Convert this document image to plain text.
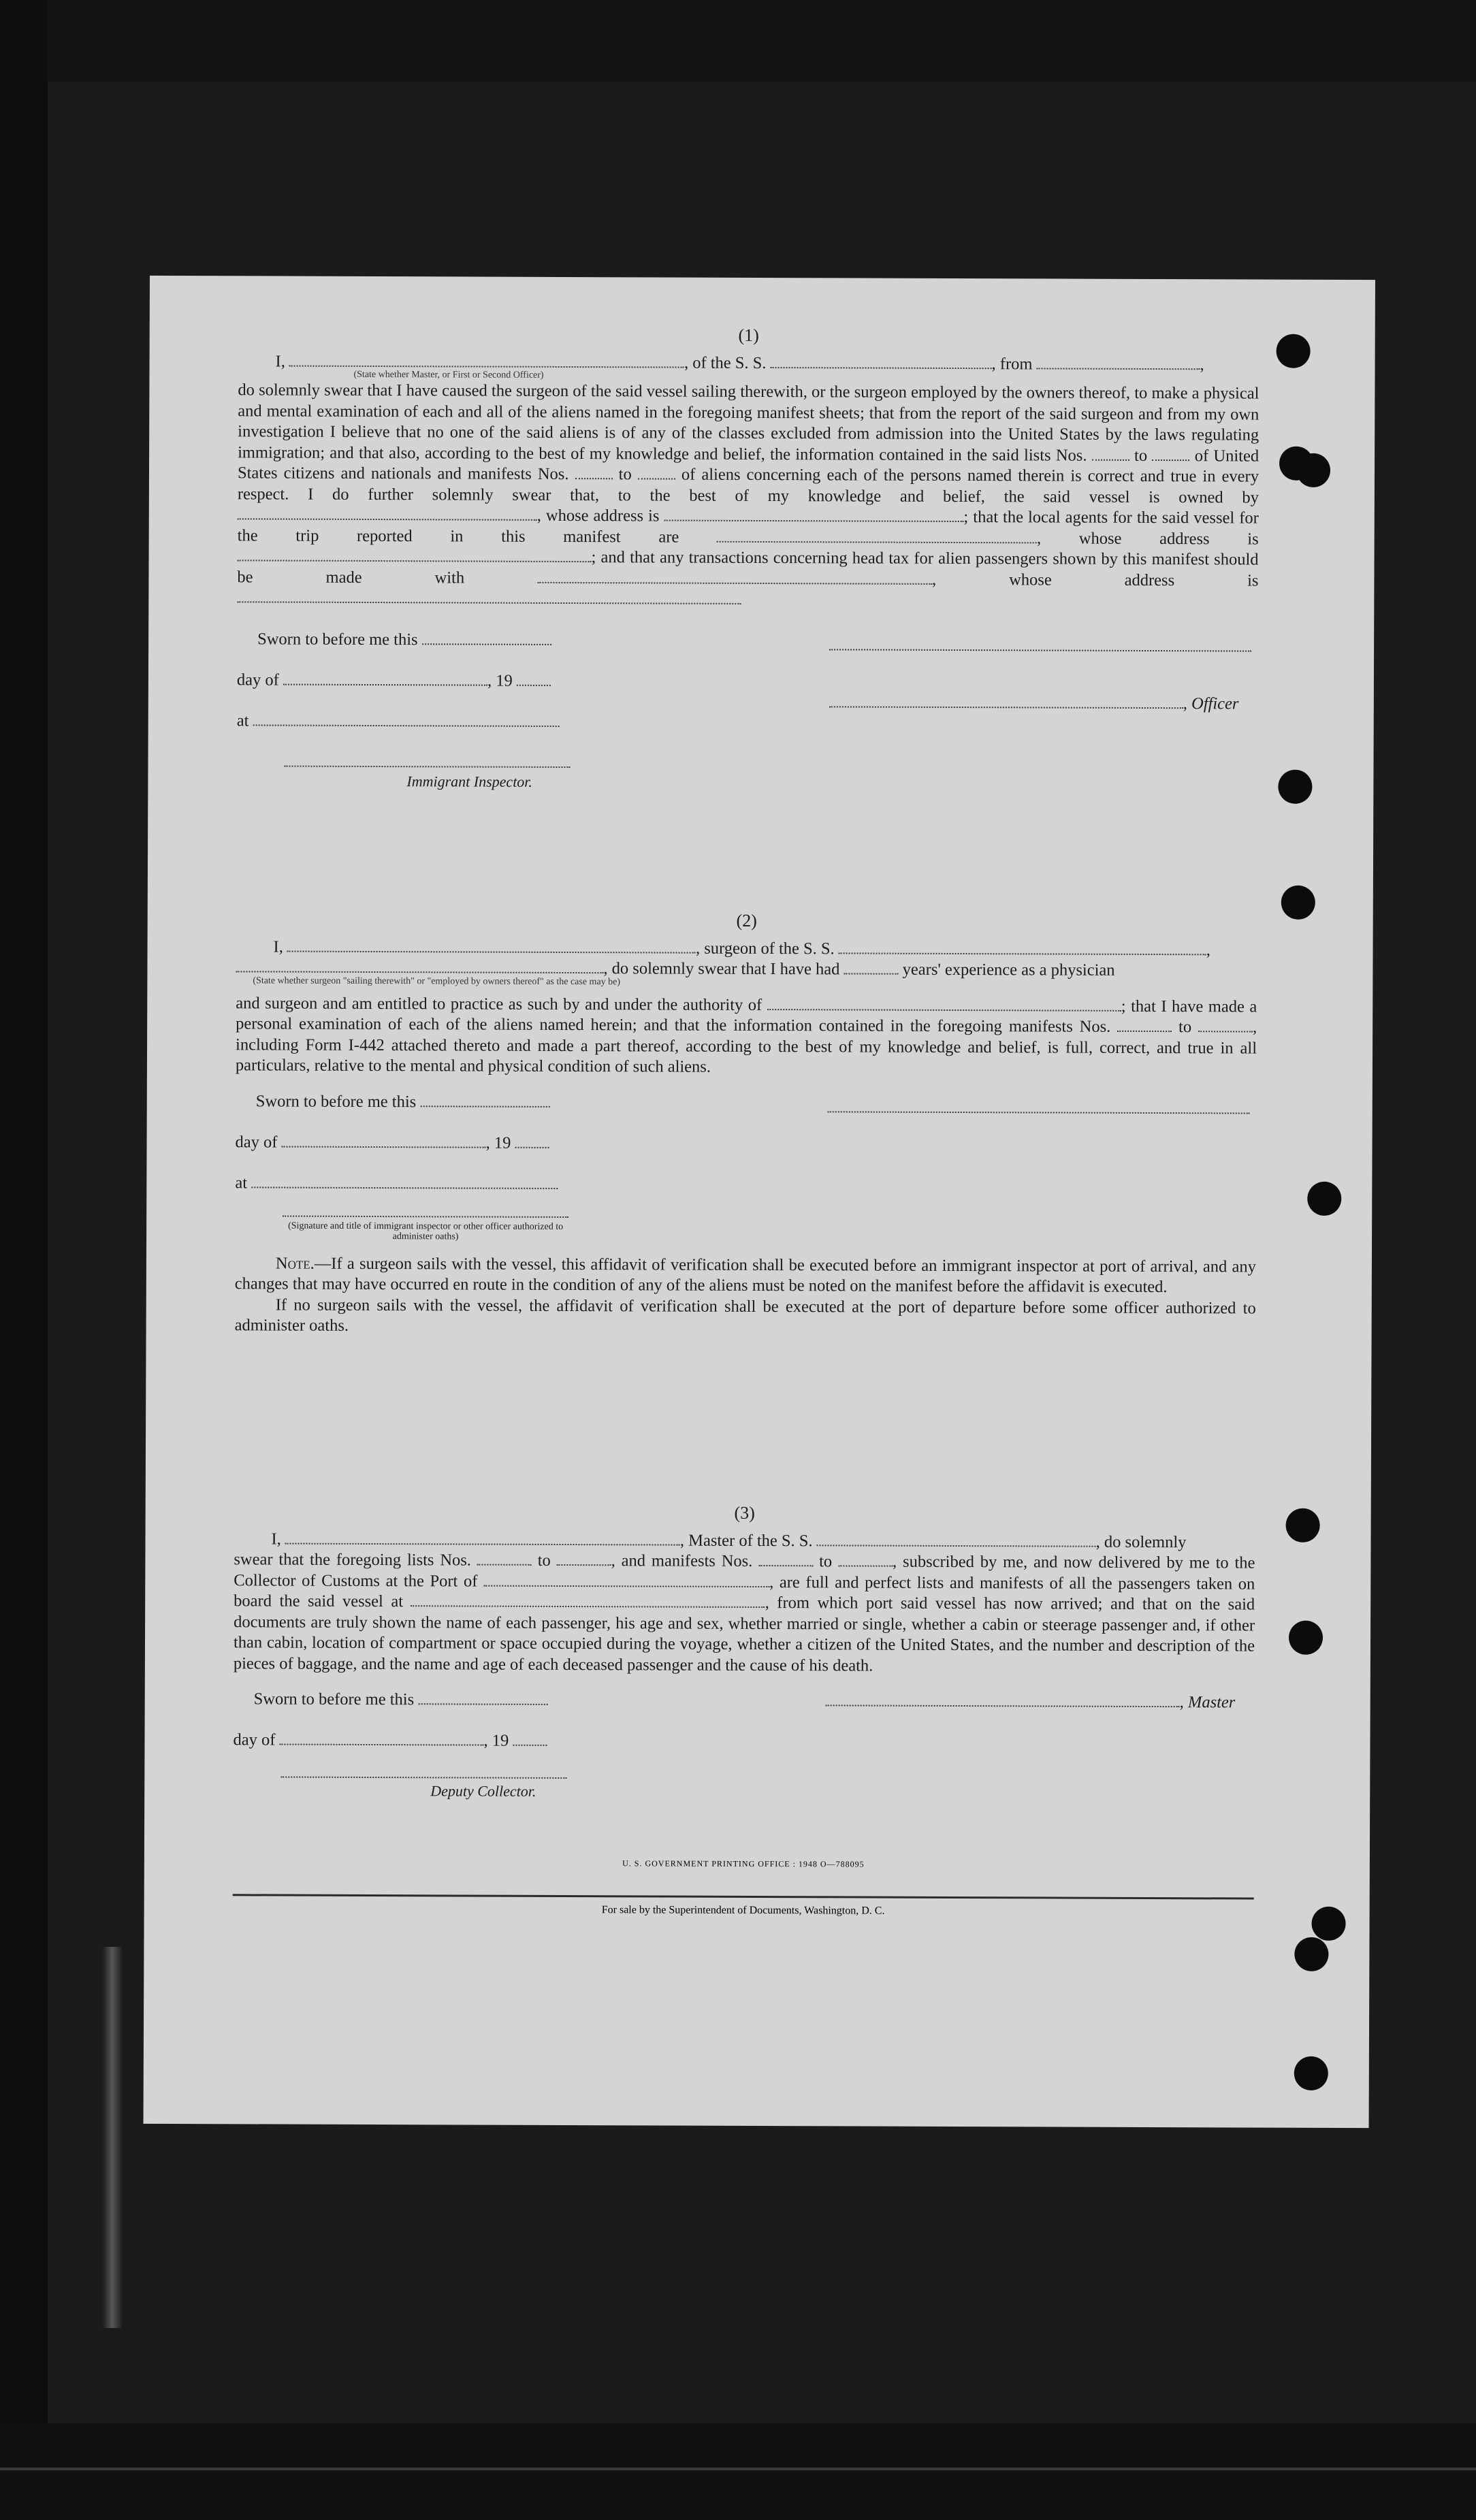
(1)
I,	, of the S. S.	, from	,
(State whether Master, or First or Second Officer)
do solemnly swear that I have caused the surgeon of the said vessel sailing therewith, or the surgeon employed by the owners thereof, to make a physical and mental examination of each and all of the aliens named in the foregoing manifest sheets; that from the report of the said surgeon and from my own investigation I believe that no one of the said aliens is of any of the classes excluded from admission into the United States by the laws regulating immigration; and that also, according to the best of my knowledge and belief, the information contained in the said lists Nos.	to	of United States citizens and nationals and manifests Nos.	to	of aliens concerning each of the persons named therein is correct and true in every respect. I do further solemnly swear that, to the best of my knowledge and belief, the said vessel is owned by , whose address is	; that the local agents for the said vessel for the trip reported in this manifest are	, whose address is ; and that any transactions concerning head tax for alien passengers shown by this manifest should be made with	, whose address is
Sworn to before me this
day of	, 19
, Officer
at
Immigrant Inspector.
(2)
I,	, surgeon of the S. S.	,
, do solemnly swear that I have had	years' experience as a physician
(State whether surgeon "sailing therewith" or "employed by owners thereof" as the case may be)
and surgeon and am entitled to practice as such by and under the authority of	; that I have made a personal examination of each of the aliens named herein; and that the information contained in the foregoing manifests Nos.	to	, including Form I-442 attached thereto and made a part thereof, according to the best of my knowledge and belief, is full, correct, and true in all particulars, relative to the mental and physical condition of such aliens.
Sworn to before me this
day of	, 19
at
(Signature and title of immigrant inspector or other officer authorized to administer oaths)
Note.—If a surgeon sails with the vessel, this affidavit of verification shall be executed before an immigrant inspector at port of arrival, and any changes that may have occurred en route in the condition of any of the aliens must be noted on the manifest before the affidavit is executed.
If no surgeon sails with the vessel, the affidavit of verification shall be executed at the port of departure before some officer authorized to administer oaths.
(3)
I,	, Master of the S. S.	, do solemnly
swear that the foregoing lists Nos.	to	, and manifests Nos.	to	, subscribed by me, and now delivered by me to the Collector of Customs at the Port of	, are full and perfect lists and manifests of all the passengers taken on board the said vessel at	, from which port said vessel has now arrived; and that on the said documents are truly shown the name of each passenger, his age and sex, whether married or single, whether a cabin or steerage passenger and, if other than cabin, location of compartment or space occupied during the voyage, whether a citizen of the United States, and the number and description of the pieces of baggage, and the name and age of each deceased passenger and the cause of his death.
Sworn to before me this	, Master
day of	, 19
Deputy Collector.
U. S. GOVERNMENT PRINTING OFFICE : 1948 O—788095
For sale by the Superintendent of Documents, Washington, D. C.
